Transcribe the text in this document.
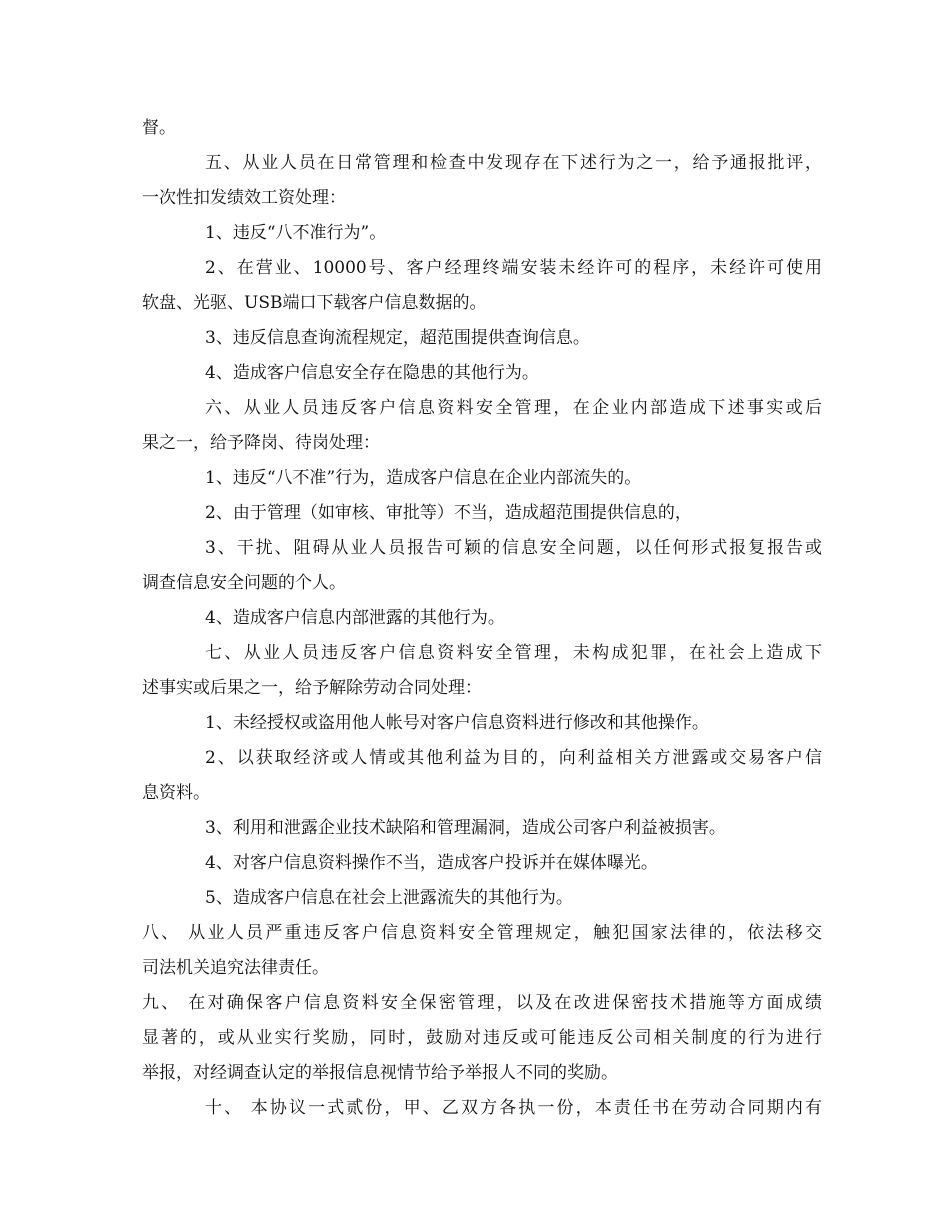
督。
五、从业人员在日常管理和检查中发现存在下述行为之一，给予通报批评，
一次性扣发绩效工资处理：
1、违反“八不准行为”。
2、在营业、10000号、客户经理终端安装未经许可的程序，未经许可使用
软盘、光驱、USB端口下载客户信息数据的。
3、违反信息查询流程规定，超范围提供查询信息。
4、造成客户信息安全存在隐患的其他行为。
六、从业人员违反客户信息资料安全管理，在企业内部造成下述事实或后
果之一，给予降岗、待岗处理：
1、违反“八不准”行为，造成客户信息在企业内部流失的。
2、由于管理（如审核、审批等）不当，造成超范围提供信息的，
3、干扰、阻碍从业人员报告可颖的信息安全问题，以任何形式报复报告或
调查信息安全问题的个人。
4、造成客户信息内部泄露的其他行为。
七、从业人员违反客户信息资料安全管理，未构成犯罪，在社会上造成下
述事实或后果之一，给予解除劳动合同处理：
1、未经授权或盗用他人帐号对客户信息资料进行修改和其他操作。
2、以获取经济或人情或其他利益为目的，向利益相关方泄露或交易客户信
息资料。
3、利用和泄露企业技术缺陷和管理漏洞，造成公司客户利益被损害。
4、对客户信息资料操作不当，造成客户投诉并在媒体曝光。
5、造成客户信息在社会上泄露流失的其他行为。
八、 从业人员严重违反客户信息资料安全管理规定，触犯国家法律的，依法移交
司法机关追究法律责任。
九、 在对确保客户信息资料安全保密管理，以及在改进保密技术措施等方面成绩
显著的，或从业实行奖励，同时，鼓励对违反或可能违反公司相关制度的行为进行
举报，对经调查认定的举报信息视情节给予举报人不同的奖励。
十、 本协议一式贰份，甲、乙双方各执一份，本责任书在劳动合同期内有
